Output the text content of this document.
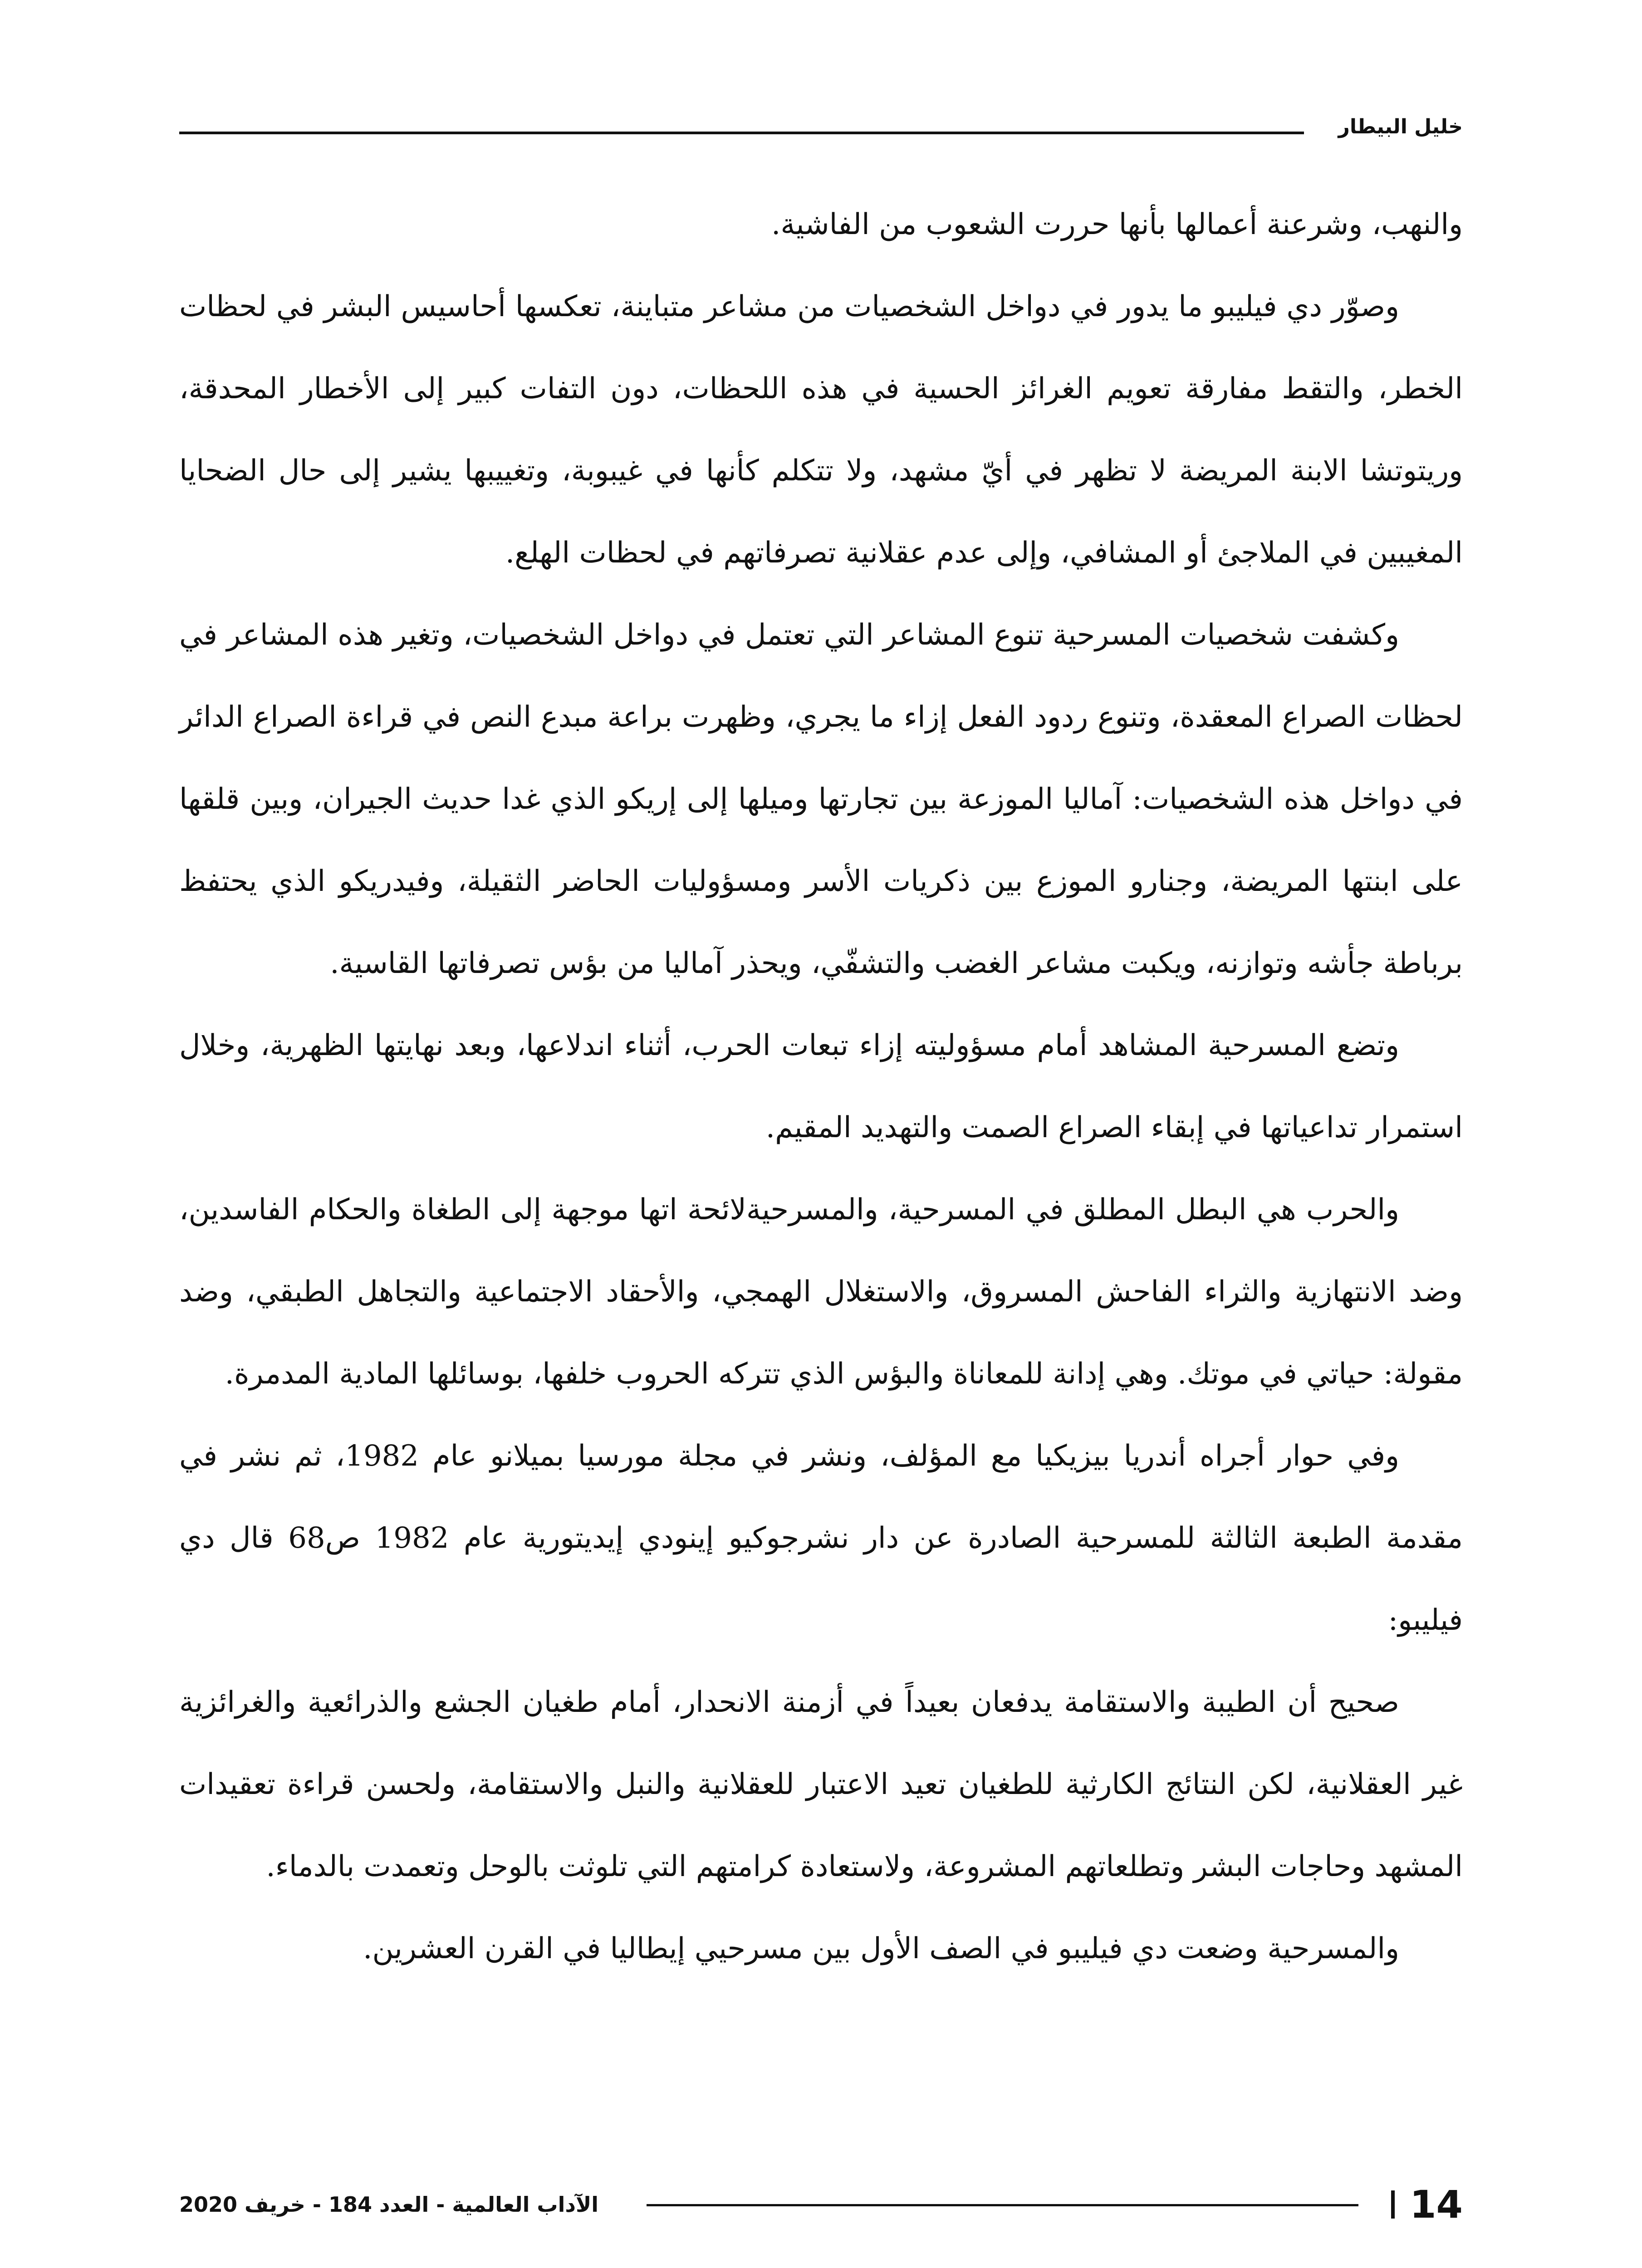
خليل البيطار

والنهب، وشرعنة أعمالها بأنها حررت الشعوب من الفاشية.

وصوّر دي فيليبو ما يدور في دواخل الشخصيات من مشاعر متباينة، تعكسها أحاسيس البشر في لحظات الخطر، والتقط مفارقة تعويم الغرائز الحسية في هذه اللحظات، دون التفات كبير إلى الأخطار المحدقة، وريتوتشا الابنة المريضة لا تظهر في أيّ مشهد، ولا تتكلم كأنها في غيبوبة، وتغييبها يشير إلى حال الضحايا المغيبين في الملاجئ أو المشافي، وإلى عدم عقلانية تصرفاتهم في لحظات الهلع.

وكشفت شخصيات المسرحية تنوع المشاعر التي تعتمل في دواخل الشخصيات، وتغير هذه المشاعر في لحظات الصراع المعقدة، وتنوع ردود الفعل إزاء ما يجري، وظهرت براعة مبدع النص في قراءة الصراع الدائر في دواخل هذه الشخصيات: آماليا الموزعة بين تجارتها وميلها إلى إريكو الذي غدا حديث الجيران، وبين قلقها على ابنتها المريضة، وجنارو الموزع بين ذكريات الأسر ومسؤوليات الحاضر الثقيلة، وفيدريكو الذي يحتفظ برباطة جأشه وتوازنه، ويكبت مشاعر الغضب والتشفّي، ويحذر آماليا من بؤس تصرفاتها القاسية.

وتضع المسرحية المشاهد أمام مسؤوليته إزاء تبعات الحرب، أثناء اندلاعها، وبعد نهايتها الظهرية، وخلال استمرار تداعياتها في إبقاء الصراع الصمت والتهديد المقيم.

والحرب هي البطل المطلق في المسرحية، والمسرحيةلائحة اتها موجهة إلى الطغاة والحكام الفاسدين، وضد الانتهازية والثراء الفاحش المسروق، والاستغلال الهمجي، والأحقاد الاجتماعية والتجاهل الطبقي، وضد مقولة: حياتي في موتك. وهي إدانة للمعاناة والبؤس الذي تتركه الحروب خلفها، بوسائلها المادية المدمرة.

وفي حوار أجراه أندريا بيزيكيا مع المؤلف، ونشر في مجلة مورسيا بميلانو عام 1982، ثم نشر في مقدمة الطبعة الثالثة للمسرحية الصادرة عن دار نشرجوكيو إينودي إيديتورية عام 1982 ص68 قال دي فيليبو:

صحيح أن الطيبة والاستقامة يدفعان بعيداً في أزمنة الانحدار، أمام طغيان الجشع والذرائعية والغرائزية غير العقلانية، لكن النتائج الكارثية للطغيان تعيد الاعتبار للعقلانية والنبل والاستقامة، ولحسن قراءة تعقيدات المشهد وحاجات البشر وتطلعاتهم المشروعة، ولاستعادة كرامتهم التي تلوثت بالوحل وتعمدت بالدماء.

والمسرحية وضعت دي فيليبو في الصف الأول بين مسرحيي إيطاليا في القرن العشرين.

الآداب العالمية - العدد 184 - خريف 2020	14
